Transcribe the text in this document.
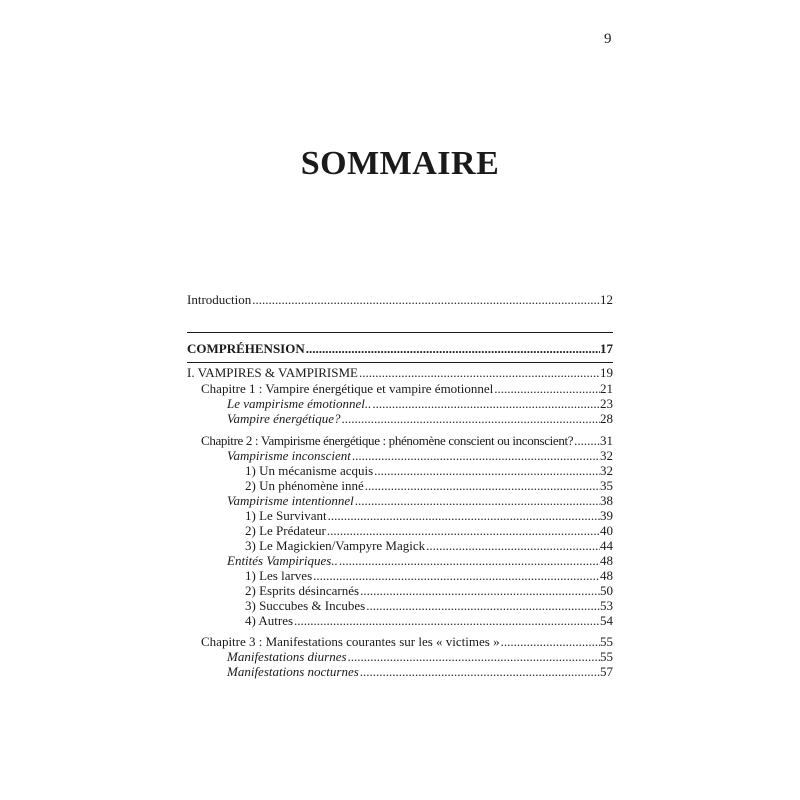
9
SOMMAIRE
Introduction .....	12
COMPRÉHENSION .....	17
I. VAMPIRES & VAMPIRISME .....	19
Chapitre 1 : Vampire énergétique et vampire émotionnel .....	21
Le vampirisme émotionnel.. .....	23
Vampire énergétique? .....	28
Chapitre 2 : Vampirisme énergétique : phénomène conscient ou inconscient? ..... 31
Vampirisme inconscient .....	32
1) Un mécanisme acquis .....	32
2) Un phénomène inné .....	35
Vampirisme intentionnel .....	38
1) Le Survivant .....	39
2) Le Prédateur .....	40
3) Le Magickien/Vampyre Magick .....	44
Entités Vampiriques.. .....	48
1) Les larves .....	48
2) Esprits désincarnés .....	50
3) Succubes & Incubes .....	53
4) Autres .....	54
Chapitre 3 : Manifestations courantes sur les « victimes » .....	55
Manifestations diurnes .....	55
Manifestations nocturnes .....	57
